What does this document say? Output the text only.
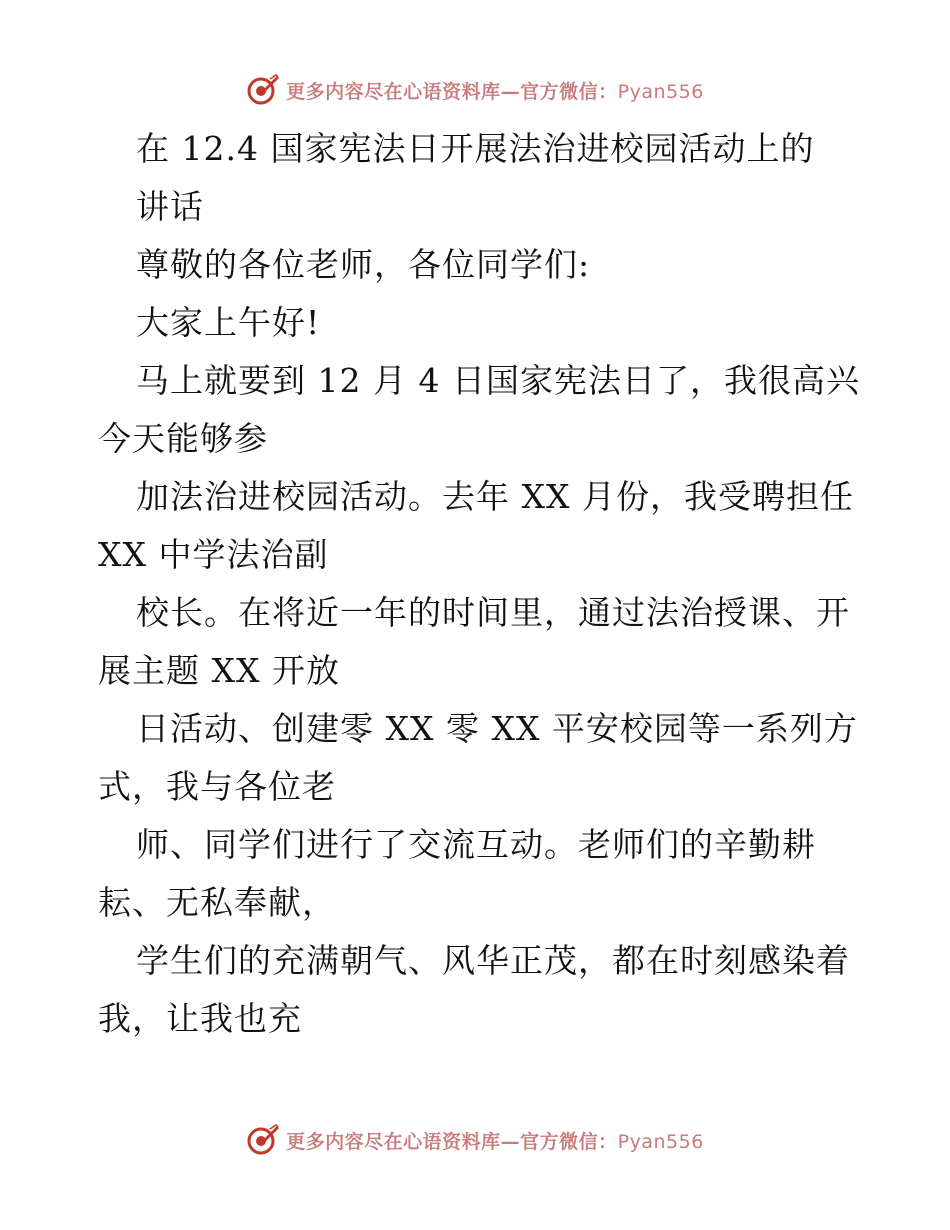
更多内容尽在心语资料库—官方微信：Pyan556
在 12.4 国家宪法日开展法治进校园活动上的
讲话
尊敬的各位老师，各位同学们:
大家上午好!
马上就要到 12 月 4 日国家宪法日了，我很高兴
今天能够参
加法治进校园活动。去年 XX 月份，我受聘担任
XX 中学法治副
校长。在将近一年的时间里，通过法治授课、开
展主题 XX 开放
日活动、创建零 XX 零 XX 平安校园等一系列方
式，我与各位老
师、同学们进行了交流互动。老师们的辛勤耕
耘、无私奉献，
学生们的充满朝气、风华正茂，都在时刻感染着
我，让我也充
更多内容尽在心语资料库—官方微信：Pyan556
